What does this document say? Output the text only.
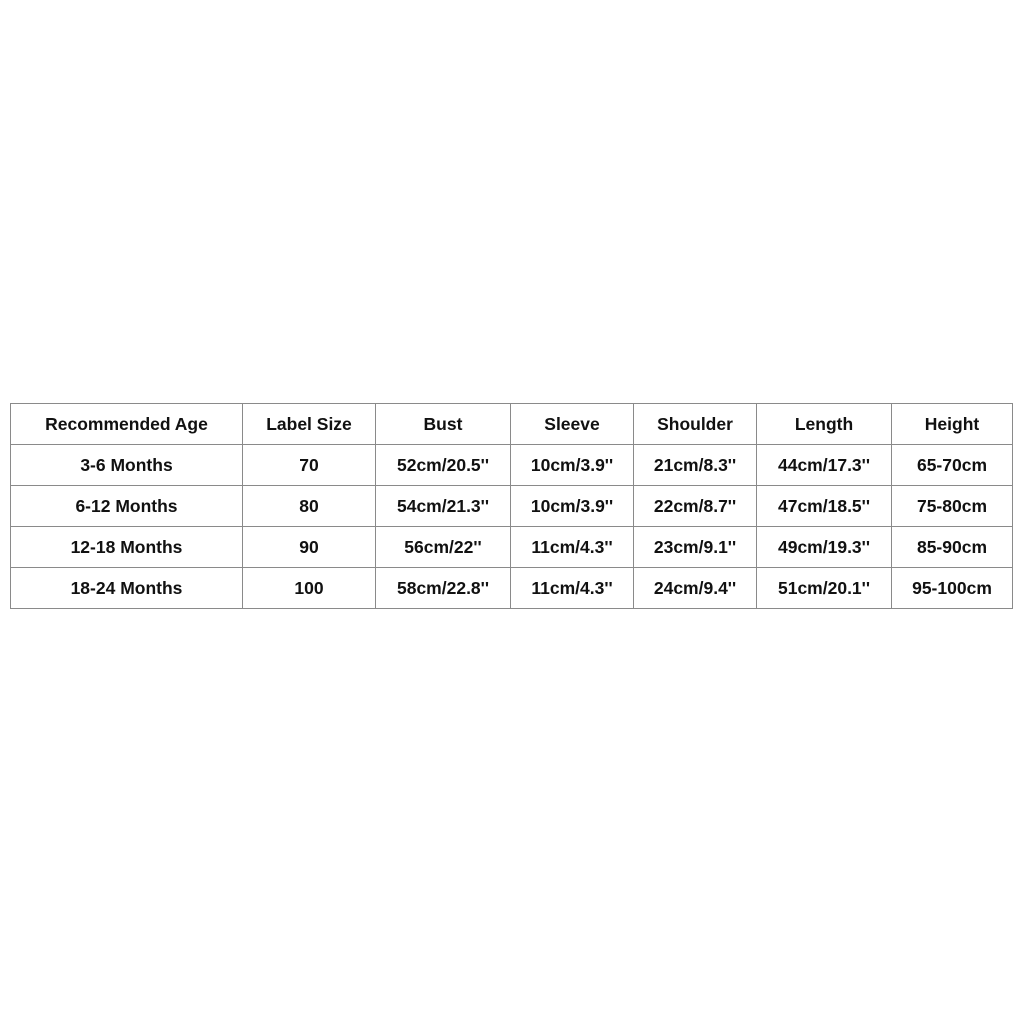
Recommended Age	Label Size	Bust	Sleeve	Shoulder	Length	Height
3-6 Months	70	52cm/20.5''	10cm/3.9''	21cm/8.3''	44cm/17.3''	65-70cm
6-12 Months	80	54cm/21.3''	10cm/3.9''	22cm/8.7''	47cm/18.5''	75-80cm
12-18 Months	90	56cm/22''	11cm/4.3''	23cm/9.1''	49cm/19.3''	85-90cm
18-24 Months	100	58cm/22.8''	11cm/4.3''	24cm/9.4''	51cm/20.1''	95-100cm
